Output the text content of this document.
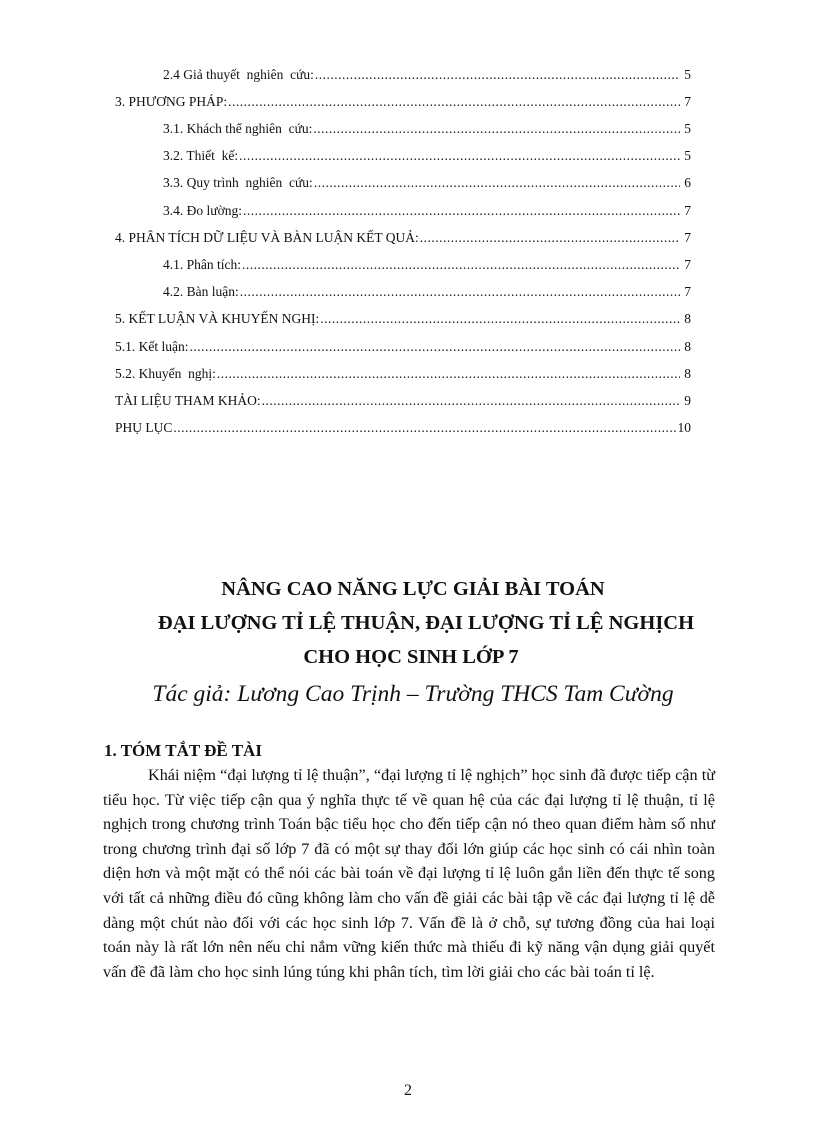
2.4 Giả thuyết  nghiên  cứu: .....	5
3. PHƯƠNG PHÁP: .....	7
3.1. Khách thể nghiên  cứu: .....	5
3.2. Thiết  kế: .....	5
3.3. Quy trình  nghiên  cứu: .....	6
3.4. Đo lường: .....	7
4. PHÂN TÍCH DỮ LIỆU VÀ BÀN LUẬN KẾT QUẢ: .....	7
4.1. Phân tích: .....	7
4.2. Bàn luận: .....	7
5. KẾT LUẬN VÀ KHUYẾN NGHỊ: .....	8
5.1. Kết luận: .....	8
5.2. Khuyến  nghị: .....	8
TÀI LIỆU THAM KHẢO: .....	9
PHỤ LỤC .....	10
NÂNG CAO NĂNG LỰC GIẢI BÀI TOÁN
ĐẠI LƯỢNG TỈ LỆ THUẬN, ĐẠI LƯỢNG TỈ LỆ NGHỊCH
CHO HỌC SINH LỚP 7
Tác giả: Lương Cao Trịnh – Trường THCS Tam Cường
1. TÓM TẮT ĐỀ TÀI
Khái niệm “đại lượng tỉ lệ thuận”, “đại lượng tỉ lệ nghịch” học sinh đã được tiếp cận từ tiểu học. Từ việc tiếp cận qua ý nghĩa thực tế về quan hệ của các đại lượng tỉ lệ thuận, tỉ lệ nghịch trong chương trình Toán bậc tiểu học cho đến tiếp cận nó theo quan điểm hàm số như trong chương trình đại số lớp 7 đã có một sự thay đổi lớn giúp các học sinh có cái nhìn toàn diện hơn và một mặt có thể nói các bài toán về đại lượng tỉ lệ luôn gắn liền đến thực tế song với tất cả những điều đó cũng không làm cho vấn đề giải các bài tập về các đại lượng tỉ lệ dễ dàng một chút nào đối với các học sinh lớp 7. Vấn đề là ở chỗ, sự tương đồng của hai loại toán này là rất lớn nên nếu chỉ nắm vững kiến thức mà thiếu đi kỹ năng vận dụng giải quyết vấn đề đã làm cho học sinh lúng túng khi phân tích, tìm lời giải cho các bài toán tỉ lệ.
2
